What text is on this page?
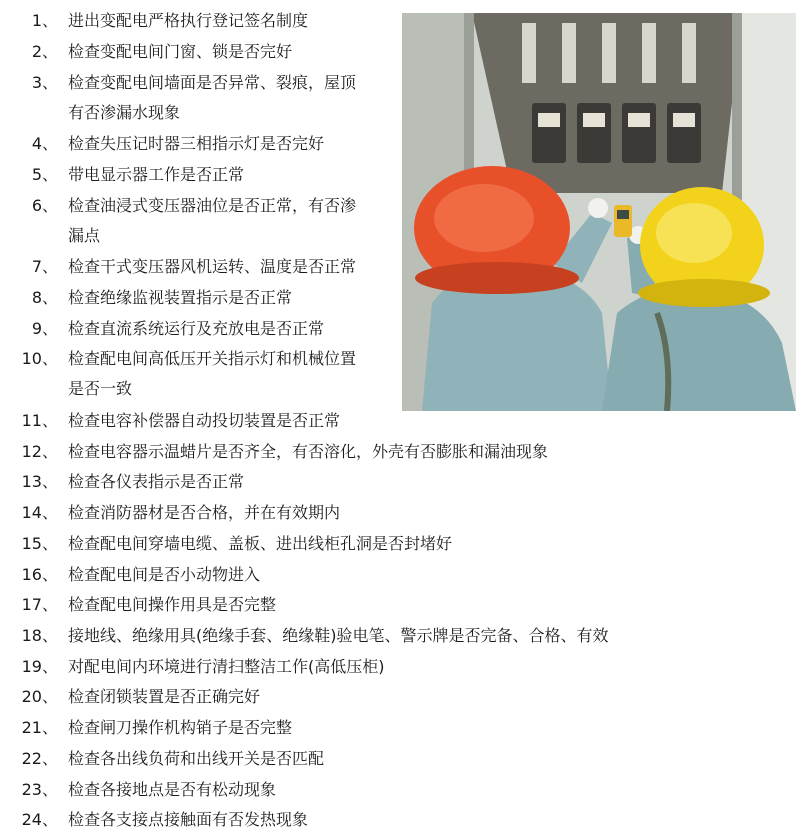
1、 进出变配电严格执行登记签名制度
2、 检查变配电间门窗、锁是否完好
3、 检查变配电间墙面是否异常、裂痕，屋顶
有否渗漏水现象
4、 检查失压记时器三相指示灯是否完好
5、 带电显示器工作是否正常
6、 检查油浸式变压器油位是否正常，有否渗
漏点
7、 检查干式变压器风机运转、温度是否正常
8、 检查绝缘监视装置指示是否正常
9、 检查直流系统运行及充放电是否正常
10、 检查配电间高低压开关指示灯和机械位置
是否一致
11、 检查电容补偿器自动投切装置是否正常
12、 检查电容器示温蜡片是否齐全，有否溶化，外壳有否膨胀和漏油现象
13、 检查各仪表指示是否正常
14、 检查消防器材是否合格，并在有效期内
15、 检查配电间穿墙电缆、盖板、进出线柜孔洞是否封堵好
16、 检查配电间是否小动物进入
17、 检查配电间操作用具是否完整
18、 接地线、绝缘用具(绝缘手套、绝缘鞋)验电笔、警示牌是否完备、合格、有效
19、 对配电间内环境进行清扫整洁工作(高低压柜)
20、 检查闭锁装置是否正确完好
21、 检查闸刀操作机构销子是否完整
22、 检查各出线负荷和出线开关是否匹配
23、 检查各接地点是否有松动现象
24、 检查各支接点接触面有否发热现象
